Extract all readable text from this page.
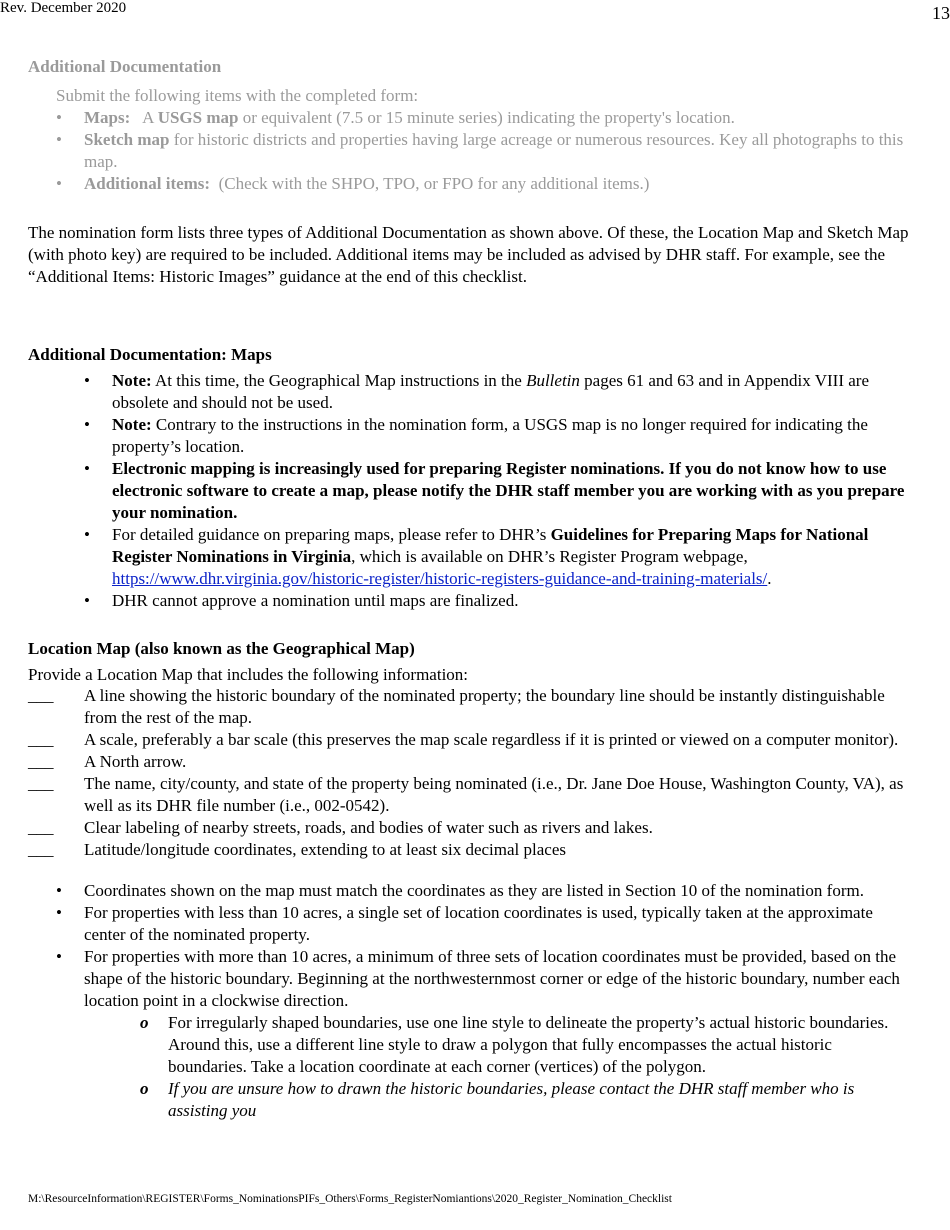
Rev. December 2020	13
Additional Documentation
Submit the following items with the completed form:
• Maps: A USGS map or equivalent (7.5 or 15 minute series) indicating the property's location.
• Sketch map for historic districts and properties having large acreage or numerous resources. Key all photographs to this map.
• Additional items: (Check with the SHPO, TPO, or FPO for any additional items.)

The nomination form lists three types of Additional Documentation as shown above. Of these, the Location Map and Sketch Map (with photo key) are required to be included. Additional items may be included as advised by DHR staff. For example, see the “Additional Items: Historic Images” guidance at the end of this checklist.

Additional Documentation: Maps
• Note: At this time, the Geographical Map instructions in the Bulletin pages 61 and 63 and in Appendix VIII are obsolete and should not be used.
• Note: Contrary to the instructions in the nomination form, a USGS map is no longer required for indicating the property’s location.
• Electronic mapping is increasingly used for preparing Register nominations. If you do not know how to use electronic software to create a map, please notify the DHR staff member you are working with as you prepare your nomination.
• For detailed guidance on preparing maps, please refer to DHR’s Guidelines for Preparing Maps for National Register Nominations in Virginia, which is available on DHR’s Register Program webpage, https://www.dhr.virginia.gov/historic-register/historic-registers-guidance-and-training-materials/.
• DHR cannot approve a nomination until maps are finalized.
Location Map (also known as the Geographical Map)
Provide a Location Map that includes the following information:
___ A line showing the historic boundary of the nominated property; the boundary line should be instantly distinguishable from the rest of the map.
___ A scale, preferably a bar scale (this preserves the map scale regardless if it is printed or viewed on a computer monitor).
___ A North arrow.
___ The name, city/county, and state of the property being nominated (i.e., Dr. Jane Doe House, Washington County, VA), as well as its DHR file number (i.e., 002-0542).
___ Clear labeling of nearby streets, roads, and bodies of water such as rivers and lakes.
___ Latitude/longitude coordinates, extending to at least six decimal places
• Coordinates shown on the map must match the coordinates as they are listed in Section 10 of the nomination form.
• For properties with less than 10 acres, a single set of location coordinates is used, typically taken at the approximate center of the nominated property.
• For properties with more than 10 acres, a minimum of three sets of location coordinates must be provided, based on the shape of the historic boundary. Beginning at the northwesternmost corner or edge of the historic boundary, number each location point in a clockwise direction.
o For irregularly shaped boundaries, use one line style to delineate the property’s actual historic boundaries. Around this, use a different line style to draw a polygon that fully encompasses the actual historic boundaries. Take a location coordinate at each corner (vertices) of the polygon.
o If you are unsure how to drawn the historic boundaries, please contact the DHR staff member who is assisting you
M:\ResourceInformation\REGISTER\Forms_NominationsPIFs_Others\Forms_RegisterNomiantions\2020_Register_Nomination_Checklist
